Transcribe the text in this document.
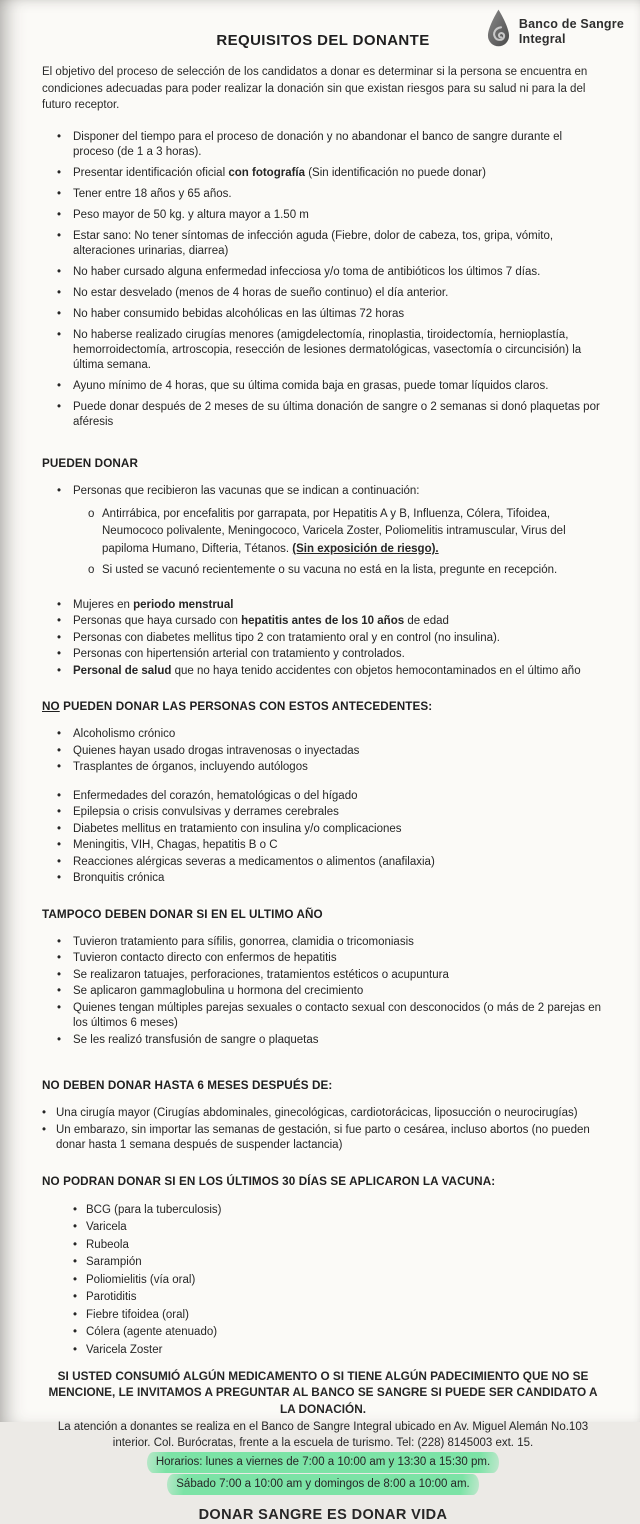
Banco de Sangre
Integral
REQUISITOS DEL DONANTE
El objetivo del proceso de selección de los candidatos a donar es determinar si la persona se encuentra en condiciones adecuadas para poder realizar la donación sin que existan riesgos para su salud ni para la del futuro receptor.
•	Disponer del tiempo para el proceso de donación y no abandonar el banco de sangre durante el proceso (de 1 a 3 horas).
•	Presentar identificación oficial con fotografía (Sin identificación no puede donar)
•	Tener entre 18 años y 65 años.
•	Peso mayor de 50 kg. y altura mayor a 1.50 m
•	Estar sano: No tener síntomas de infección aguda (Fiebre, dolor de cabeza, tos, gripa, vómito, alteraciones urinarias, diarrea)
•	No haber cursado alguna enfermedad infecciosa y/o toma de antibióticos los últimos 7 días.
•	No estar desvelado (menos de 4 horas de sueño continuo) el día anterior.
•	No haber consumido bebidas alcohólicas en las últimas 72 horas
•	No haberse realizado cirugías menores (amigdelectomía, rinoplastia, tiroidectomía, hernioplastía, hemorroidectomía, artroscopia, resección de lesiones dermatológicas, vasectomía o circuncisión) la última semana.
•	Ayuno mínimo de 4 horas, que su última comida baja en grasas, puede tomar líquidos claros.
•	Puede donar después de 2 meses de su última donación de sangre o 2 semanas si donó plaquetas por aféresis
PUEDEN DONAR
•	Personas que recibieron las vacunas que se indican a continuación:
o Antirrábica, por encefalitis por garrapata, por Hepatitis A y B, Influenza, Cólera, Tifoidea, Neumococo polivalente, Meningococo, Varicela Zoster, Poliomelitis intramuscular, Virus del papiloma Humano, Difteria, Tétanos. (Sin exposición de riesgo).
o Si usted se vacunó recientemente o su vacuna no está en la lista, pregunte en recepción.
•	Mujeres en periodo menstrual
•	Personas que haya cursado con hepatitis antes de los 10 años de edad
•	Personas con diabetes mellitus tipo 2 con tratamiento oral y en control (no insulina).
•	Personas con hipertensión arterial con tratamiento y controlados.
•	Personal de salud que no haya tenido accidentes con objetos hemocontaminados en el último año
NO PUEDEN DONAR LAS PERSONAS CON ESTOS ANTECEDENTES:
•	Alcoholismo crónico
•	Quienes hayan usado drogas intravenosas o inyectadas
•	Trasplantes de órganos, incluyendo autólogos
•	Enfermedades del corazón, hematológicas o del hígado
•	Epilepsia o crisis convulsivas y derrames cerebrales
•	Diabetes mellitus en tratamiento con insulina y/o complicaciones
•	Meningitis, VIH, Chagas, hepatitis B o C
•	Reacciones alérgicas severas a medicamentos o alimentos (anafilaxia)
•	Bronquitis crónica
TAMPOCO DEBEN DONAR SI EN EL ULTIMO AÑO
•	Tuvieron tratamiento para sífilis, gonorrea, clamidia o tricomoniasis
•	Tuvieron contacto directo con enfermos de hepatitis
•	Se realizaron tatuajes, perforaciones, tratamientos estéticos o acupuntura
•	Se aplicaron gammaglobulina u hormona del crecimiento
•	Quienes tengan múltiples parejas sexuales o contacto sexual con desconocidos (o más de 2 parejas en los últimos 6 meses)
•	Se les realizó transfusión de sangre o plaquetas
NO DEBEN DONAR HASTA 6 MESES DESPUÉS DE:
• Una cirugía mayor (Cirugías abdominales, ginecológicas, cardiotorácicas, liposucción o neurocirugías)
• Un embarazo, sin importar las semanas de gestación, si fue parto o cesárea, incluso abortos (no pueden donar hasta 1 semana después de suspender lactancia)
NO PODRAN DONAR SI EN LOS ÚLTIMOS 30 DÍAS SE APLICARON LA VACUNA:
• BCG (para la tuberculosis)
• Varicela
• Rubeola
• Sarampión
• Poliomielitis (vía oral)
• Parotiditis
• Fiebre tifoidea (oral)
• Cólera (agente atenuado)
• Varicela Zoster
SI USTED CONSUMIÓ ALGÚN MEDICAMENTO O SI TIENE ALGÚN PADECIMIENTO QUE NO SE MENCIONE, LE INVITAMOS A PREGUNTAR AL BANCO SE SANGRE SI PUEDE SER CANDIDATO A LA DONACIÓN.
La atención a donantes se realiza en el Banco de Sangre Integral ubicado en Av. Miguel Alemán No.103 interior. Col. Burócratas, frente a la escuela de turismo. Tel: (228) 8145003 ext. 15.
Horarios: lunes a viernes de 7:00 a 10:00 am y 13:30 a 15:30 pm.
Sábado 7:00 a 10:00 am y domingos de 8:00 a 10:00 am.
DONAR SANGRE ES DONAR VIDA
